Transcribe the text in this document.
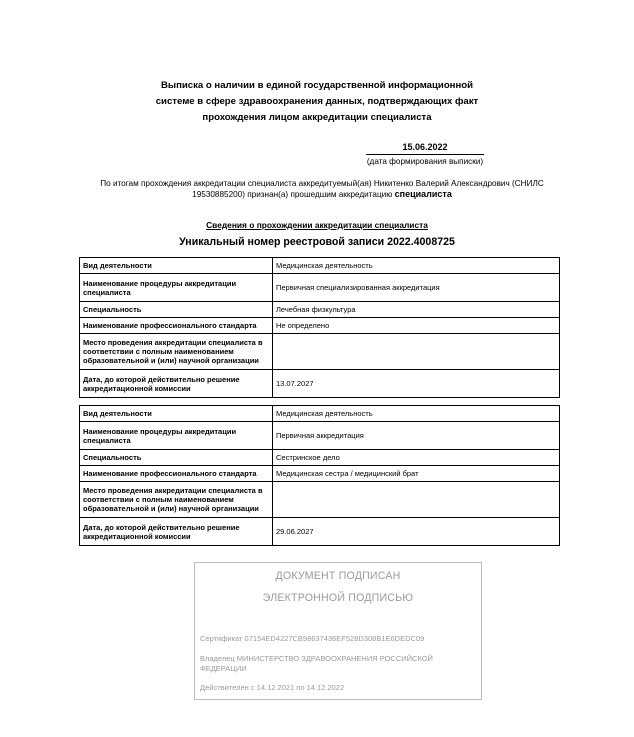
Выписка о наличии в единой государственной информационной
системе в сфере здравоохранения данных, подтверждающих факт
прохождения лицом аккредитации специалиста
15.06.2022
(дата формирования выписки)
По итогам прохождения аккредитации специалиста аккредитуемый(ая) Никитенко Валерий Александрович (СНИЛС 19530885200) признан(а) прошедшим аккредитацию специалиста
Сведения о прохождении аккредитации специалиста
Уникальный номер реестровой записи 2022.4008725
Вид деятельности	Медицинская деятельность
Наименование процедуры аккредитации специалиста	Первичная специализированная аккредитация
Специальность	Лечебная физкультура
Наименование профессионального стандарта	Не определено
Место проведения аккредитации специалиста в соответствии с полным наименованием образовательной и (или) научной организации	
Дата, до которой действительно решение аккредитационной комиссии	13.07.2027
Вид деятельности	Медицинская деятельность
Наименование процедуры аккредитации специалиста	Первичная аккредитация
Специальность	Сестринское дело
Наименование профессионального стандарта	Медицинская сестра / медицинский брат
Место проведения аккредитации специалиста в соответствии с полным наименованием образовательной и (или) научной организации	
Дата, до которой действительно решение аккредитационной комиссии	29.06.2027
ДОКУМЕНТ ПОДПИСАН
ЭЛЕКТРОННОЙ ПОДПИСЬЮ
Сертификат 07154ED4227CB98637436EF528D308B1E6DEDC09
Владелец МИНИСТЕРСТВО ЗДРАВООХРАНЕНИЯ РОССИЙСКОЙ ФЕДЕРАЦИИ
Действителен с 14.12.2021 по 14.12.2022
